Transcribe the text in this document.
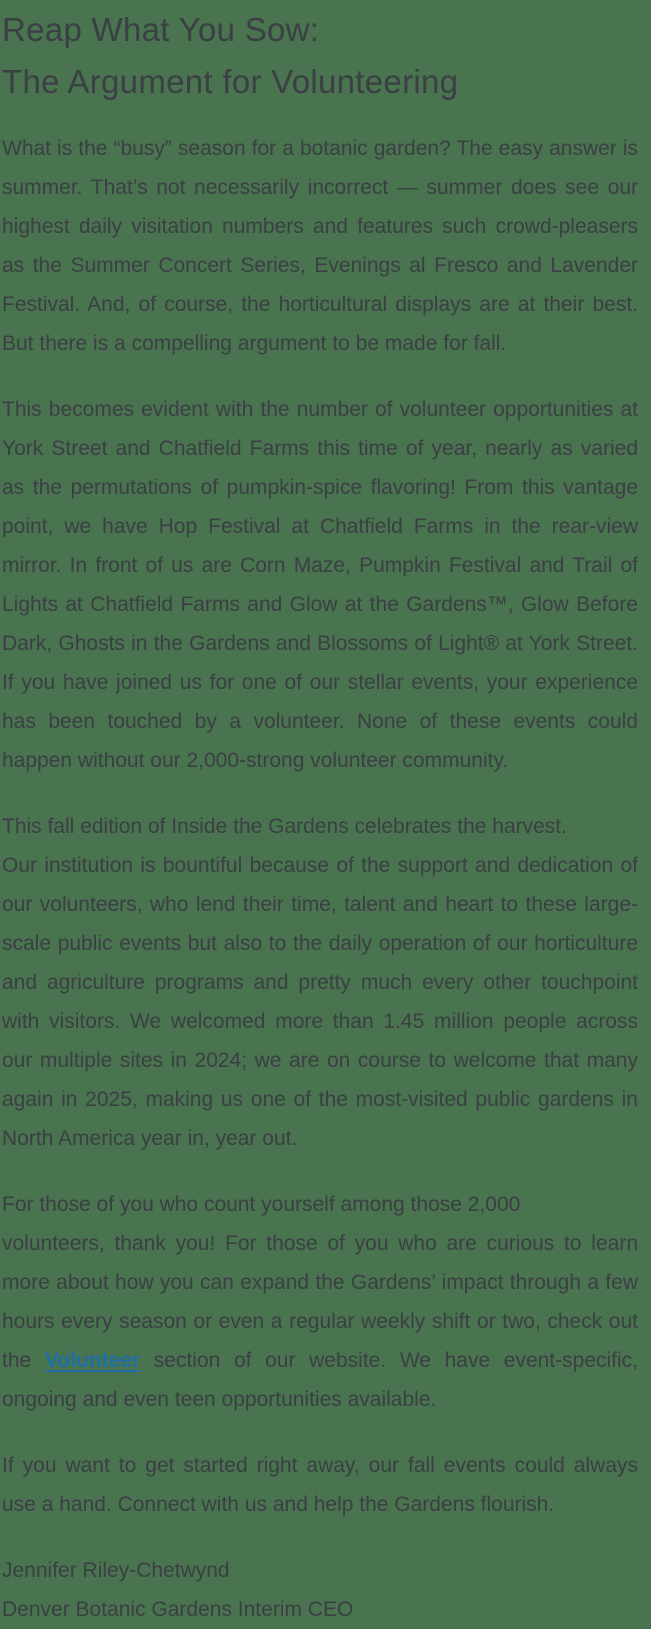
Reap What You Sow:
The Argument for Volunteering
What is the “busy” season for a botanic garden? The easy answer is summer. That’s not necessarily incorrect — summer does see our highest daily visitation numbers and features such crowd-pleasers as the Summer Concert Series, Evenings al Fresco and Lavender Festival. And, of course, the horticultural displays are at their best. But there is a compelling argument to be made for fall.
This becomes evident with the number of volunteer opportunities at York Street and Chatfield Farms this time of year, nearly as varied as the permutations of pumpkin-spice flavoring! From this vantage point, we have Hop Festival at Chatfield Farms in the rear-view mirror. In front of us are Corn Maze, Pumpkin Festival and Trail of Lights at Chatfield Farms and Glow at the Gardens™, Glow Before Dark, Ghosts in the Gardens and Blossoms of Light® at York Street. If you have joined us for one of our stellar events, your experience has been touched by a volunteer. None of these events could happen without our 2,000-strong volunteer community.
This fall edition of Inside the Gardens celebrates the harvest.
Our institution is bountiful because of the support and dedication of our volunteers, who lend their time, talent and heart to these large-scale public events but also to the daily operation of our horticulture and agriculture programs and pretty much every other touchpoint with visitors. We welcomed more than 1.45 million people across our multiple sites in 2024; we are on course to welcome that many again in 2025, making us one of the most-visited public gardens in North America year in, year out.
For those of you who count yourself among those 2,000
volunteers, thank you! For those of you who are curious to learn more about how you can expand the Gardens’ impact through a few hours every season or even a regular weekly shift or two, check out the Volunteer section of our website. We have event-specific, ongoing and even teen opportunities available.
If you want to get started right away, our fall events could always use a hand. Connect with us and help the Gardens flourish.
Jennifer Riley-Chetwynd
Denver Botanic Gardens Interim CEO
